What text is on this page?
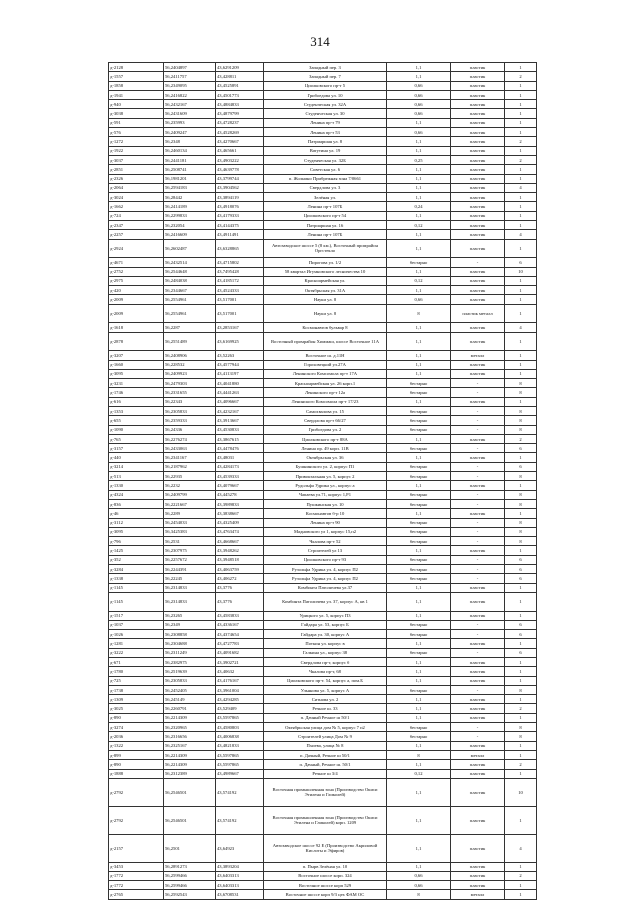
314
д-2128	56,2404897	43,6291209	Западный пер. 3	1,1	пластик	1
д-1557	56,2411757	43,428811	Западный пер. 7	1,1	пластик	2
д-1858	56,2349095	43,4525891	Циолковского пр-т 5	0,66	пластик	1
д-1941	56,2416822	43,4501773	Грибоедова ул. 10	0,66	пластик	1
д-940	56,2432167	43,4884833	Студенческая ул. 32А	0,66	пластик	1
д-3038	56,2431609	43,4879799	Студенческая ул. 30	0,66	пластик	1
д-591	56,235993	43,4728237	Ленина пр-т 79	1,1	пластик	1
д-576	56,2409247	43,4528269	Ленина пр-т 53	0,66	пластик	1
д-1272	56,2348	43,4270667	Патриаршая ул. 8	1,1	пластик	2
д-1922	56,2460134	43,465661	Ватутина ул. 19	1,1	пластик	1
д-3037	56,2441181	43,4903222	Студенческая ул. 32Б	0,25	пластик	2
д-2851	56,2508741	43,4639778	Советская ул. 6	1,1	пластик	1
д-2326	56,1981201	43,3799744	п. Жолнино Прибрежная зона 7/0661	1,1	пластик	1
д-2064	56,2594183	43,3904562	Свердлова ул. 3	1,1	пластик	4
д-3024	56,28442	43,3894119	Зелёная ул.	1,1	пластик	1
д-1662	56,2414189	43,4918076	Ленина пр-т 107Б	0,24	пластик	1
д-724	56,2299833	43,4179333	Циолковского пр-т 54	1,1	пластик	1
д-2347	56,232054	43,4144375	Патриаршая ул. 16	0,12	пластик	1
д-2257	56,2416609	43,4911491	Ленина пр-т 107Б	1,1	пластик	4
д-2924	56,2602487	43,6328865	Автозаводское шоссе 5 (8 км.), Восточный промрайон Оргстекло	1,1	пластик	1
д-4671	56,2432514	43,4715802	Пирогова ул. 1/2	бестарно	-	6
д-2752	56,2544648	43,7495428	58 квартал Игумновского лесничества 10	1,1	пластик	10
д-2975	56,2484038	43,4185172	Красноармейская ул.	0,12	пластик	1
д-420	56,2344667	43,4524333	Октябрьская ул. 31А	1,1	пластик	1
д-2009	56,2554961	43,517001	Науки ул. 8	0,66	пластик	1
д-2009	56,2554961	43,517001	Науки ул. 8	8	пластик металл	1
д-1618	56,2287	43,2853167	Космонавтов бульвар 8	1,1	пластик	4
д-2878	56,2551489	43,6169925	Восточный промрайон Химмаш, шоссе Восточное 11А	1,1	пластик	1
д-3207	56,2408906	43,52263	Восточное ш. д.11Н	1,1	металл	1
д-1660	56,228532	43,4577944	Гороховецкий ул.27А	1,1	пластик	1
д-3095	56,2409923	43,4113197	Ленинского Комсомола пр-т 17А	1,1	пластик	1
д-3231	56,2479303	43,4041880	Красноармейская ул. 26 корп.1	бестарно	-	8
д-1746	56,2331655	43,4441263	Ленинского пр-т 12а	бестарно	-	8
д-616	56,22343	43,4096667	Ленинского Комсомола пр-т 17/23	1,1	пластик	1
д-1353	56,2305833	43,4232167	Самохвалова ул. 15	бестарно	-	8
д-655	56,2359333	43,3913667	Свердлова пр-т 66/27	бестарно	-	8
д-1090	56,24336	43,4530833	Грибоедова ул. 2	бестарно	-	8
д-765	56,2276274	43,3867615	Циолковского пр-т 88А	1,1	пластик	2
д-3157	56,2433063	43,4478476	Ленина пр. 49 корп. 11В	бестарно	-	6
д-440	56,2341167	43,48031	Октябрьская ул. 36	1,1	пластик	1
д-3214	56,2187962	43,4284173	Бушнинского ул. 2, корпус П1	бестарно	-	6
д-513	56,22935	43,4539333	Привокзальная ул. 5, корпус 2	бестарно	-	8
д-1330	56,2232	43,4079667	Рудольфа Удрика ул., корпус а	1,1	пластик	1
д-4324	56,2409799	43,445278	Чапаева ул.71, корпус 1,Р1	бестарно	-	8
д-836	56,2221667	43,3989833	Пушкинская ул. 10	бестарно	-	8
д-46	56,2289	43,3838667	Космонавтов б-р 10	1,1	пластик	1
д-3112	56,2454033	43,4325409	Ленина пр-т 90	бестарно	-	8
д-3095	56,3425383	43,4763474	Мадновского ул 1, корпус 15,п2	бестарно	-	8
д-796	56,2531	43,4668667	Чкалова пр-т 52	бестарно	-	8
д-1425	56,2307975	43,3948262	Строителей ул 13	1,1	пластик	1
д-352	56,2257672	43,3948518	Циолковского пр-т 93	бестарно	-	6
д-3284	56,2244391	43,4063759	Рузольфа Удрика ул. 4, корпус П2	бестарно	-	6
д-1338	56,22245	43,406272	Рузольфа Удрика ул. 4, корпус П2	бестарно	-	6
д-1145	56,2314833	43,3776	Комбинта Патоличева ул.37	1,1	пластик	1
д-1145	56,2314833	43,3776	Комбинта Патоличева ул. 37, корпус А, кв 1	1,1	пластик	1
д-1517	56,23265	43,4583833	Урицкого ул. 5, корпус П3	1,1	пластик	1
д-1037	56,2349	43,4336167	Гайдара ул. 53, корпус Б	бестарно	-	6
д-1026	56,2308858	43,4374654	Гайдара ул. 30, корпус А	бестарно	-	6
д-1281	56,2304688	43,4727783	Поткин ул. корпус в	1,1	пластик	1
д-3222	56,2311249	43,4091682	Галкина ул., корпус 38	бестарно	-	6
д-671	56,2382975	43,3902721	Свердлова пр-т, корпус б	1,1	пластик	1
д-1780	56,2519639	43,40632	Чкалова пр-т, 68	1,1	пластик	1
д-725	56,2305833	43,4176167	Циолковского пр-т. 54, корпус а, пом.Б	1,1	пластик	1
д-1738	56,2452405	43,3961004	Ульянова ул. 5, корпус А	бестарно	-	8
д-1309	56,245149	43,4294285	Ситнова ул. 2	1,1	пластик	1
д-3025	56,2260791	43,529409	Речное ш. 33	1,1	пластик	2
д-890	56,2214309	43,5597865	п. Дачный Речное ш 50/1	1,1	пластик	1
д-3274	56,2320965	43,4580803	Октябрьская улица дом № 5, корпус 7 п2	бестарно	-	8
д-2036	56,2316656	43,4006838	Строителей улица Дом № 9	бестарно	-	8
д-1322	56,2325167	43,4821833	Пхиева, улица № 8	1,1	пластик	1
д-899	56,2214309	43,5597865	п. Дачный, Речное ш 50/1	8	металл	1
д-890	56,2214309	43,5597865	п. Дачный, Речное ш. 50/1	1,1	пластик	2
д-1888	56,2312389	43,4989667	Речное ш 3/4	0,12	пластик	1
д-2792	56,2546501	43,574192	Восточная промышленная зона (Производство Окиси Этилена и Гликолей)	1,1	пластик	10
д-2792	56,2546501	43,574192	Восточная промышленная зона (Производство Окиси Этилена и Гликолей) корп. 1209	1,1	пластик	1
д-2157	56,2501	43,64923	Автозаводское шоссе 92 Е (Производство Акриловой Кислоты и Эфиров)	1,1	пластик	4
д-3453	56,2891273	43,3893204	п. Пырв Зелёная ул. 10	1,1	пластик	1
д-1772	56,2599466	43,6403313	Восточное шоссе корп. 324	0,66	пластик	2
д-1772	56,2599466	43,6403313	Восточное шоссе корп 529	0,66	пластик	1
д-2765	56,2592543	43,6708531	Восточное шоссе корп 9/3 цех ФАМ ОС	8	металл	1
